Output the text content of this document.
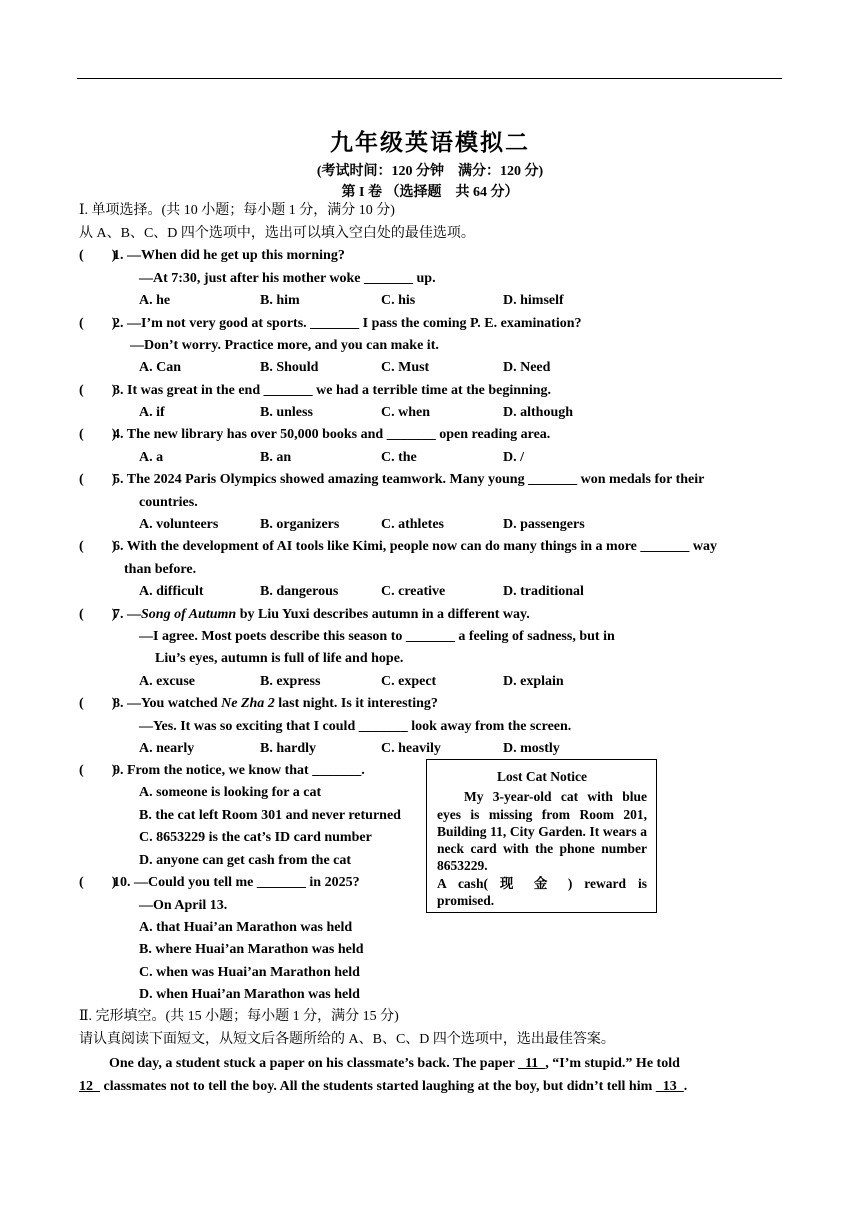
九年级英语模拟二
(考试时间：120 分钟　满分：120 分)
第 I 卷 （选择题　共 64 分）
Ⅰ. 单项选择。(共 10 小题；每小题 1 分，满分 10 分)
从 A、B、C、D 四个选项中，选出可以填入空白处的最佳选项。
(　　)
1. —When did he get up this morning?
—At 7:30, just after his mother woke _______ up.
A. he	B. him	C. his	D. himself
(　　)
2. —I’m not very good at sports. _______ I pass the coming P. E. examination?
—Don’t worry. Practice more, and you can make it.
A. Can	B. Should	C. Must	D. Need
(　　)
3. It was great in the end _______ we had a terrible time at the beginning.
A. if	B. unless	C. when	D. although
(　　)
4. The new library has over 50,000 books and _______ open reading area.
A. a	B. an	C. the	D. /
(　　)
5. The 2024 Paris Olympics showed amazing teamwork. Many young _______ won medals for their
countries.
A. volunteers	B. organizers	C. athletes	D. passengers
(　　)
6. With the development of AI tools like Kimi, people now can do many things in a more _______ way
than before.
A. difficult	B. dangerous	C. creative	D. traditional
(　　)
7. —Song of Autumn by Liu Yuxi describes autumn in a different way.
—I agree. Most poets describe this season to _______ a feeling of sadness, but in
Liu’s eyes, autumn is full of life and hope.
A. excuse	B. express	C. expect	D. explain
(　　)
8. —You watched Ne Zha 2 last night. Is it interesting?
—Yes. It was so exciting that I could _______ look away from the screen.
A. nearly	B. hardly	C. heavily	D. mostly
(　　)
9. From the notice, we know that _______.
A. someone is looking for a cat
B. the cat left Room 301 and never returned
C. 8653229 is the cat’s ID card number
D. anyone can get cash from the cat
Lost Cat Notice
My 3-year-old cat with blue eyes is missing from Room 201, Building 11, City Garden. It wears a neck card with the phone number 8653229.
A cash( 现 金 ) reward is
promised.
(　　)
10. —Could you tell me _______ in 2025?
—On April 13.
A. that Huai’an Marathon was held
B. where Huai’an Marathon was held
C. when was Huai’an Marathon held
D. when Huai’an Marathon was held
Ⅱ. 完形填空。(共 15 小题；每小题 1 分，满分 15 分)
请认真阅读下面短文，从短文后各题所给的 A、B、C、D 四个选项中，选出最佳答案。
One day, a student stuck a paper on his classmate’s back. The paper   11  , “I’m stupid.” He told
12   classmates not to tell the boy. All the students started laughing at the boy, but didn’t tell him   13  .
